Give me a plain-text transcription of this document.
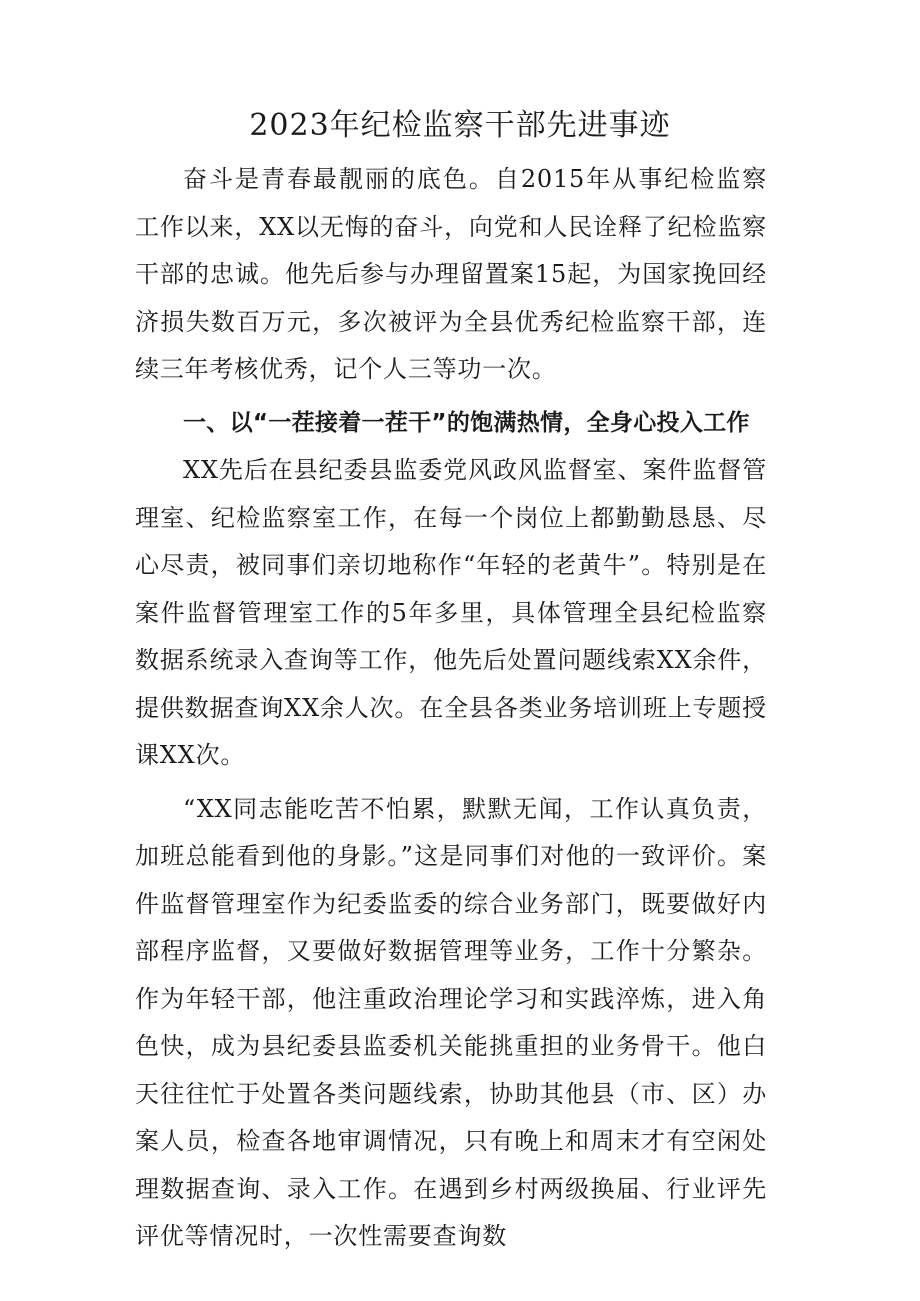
2023年纪检监察干部先进事迹

奋斗是青春最靓丽的底色。自2015年从事纪检监察工作以来，XX以无悔的奋斗，向党和人民诠释了纪检监察干部的忠诚。他先后参与办理留置案15起，为国家挽回经济损失数百万元，多次被评为全县优秀纪检监察干部，连续三年考核优秀，记个人三等功一次。

一、以“一茬接着一茬干”的饱满热情，全身心投入工作

XX先后在县纪委县监委党风政风监督室、案件监督管理室、纪检监察室工作，在每一个岗位上都勤勤恳恳、尽心尽责，被同事们亲切地称作“年轻的老黄牛”。特别是在案件监督管理室工作的5年多里，具体管理全县纪检监察数据系统录入查询等工作，他先后处置问题线索XX余件，提供数据查询XX余人次。在全县各类业务培训班上专题授课XX次。

“XX同志能吃苦不怕累，默默无闻，工作认真负责，加班总能看到他的身影。”这是同事们对他的一致评价。案件监督管理室作为纪委监委的综合业务部门，既要做好内部程序监督，又要做好数据管理等业务，工作十分繁杂。作为年轻干部，他注重政治理论学习和实践淬炼，进入角色快，成为县纪委县监委机关能挑重担的业务骨干。他白天往往忙于处置各类问题线索，协助其他县（市、区）办案人员，检查各地审调情况，只有晚上和周末才有空闲处理数据查询、录入工作。在遇到乡村两级换届、行业评先评优等情况时，一次性需要查询数
